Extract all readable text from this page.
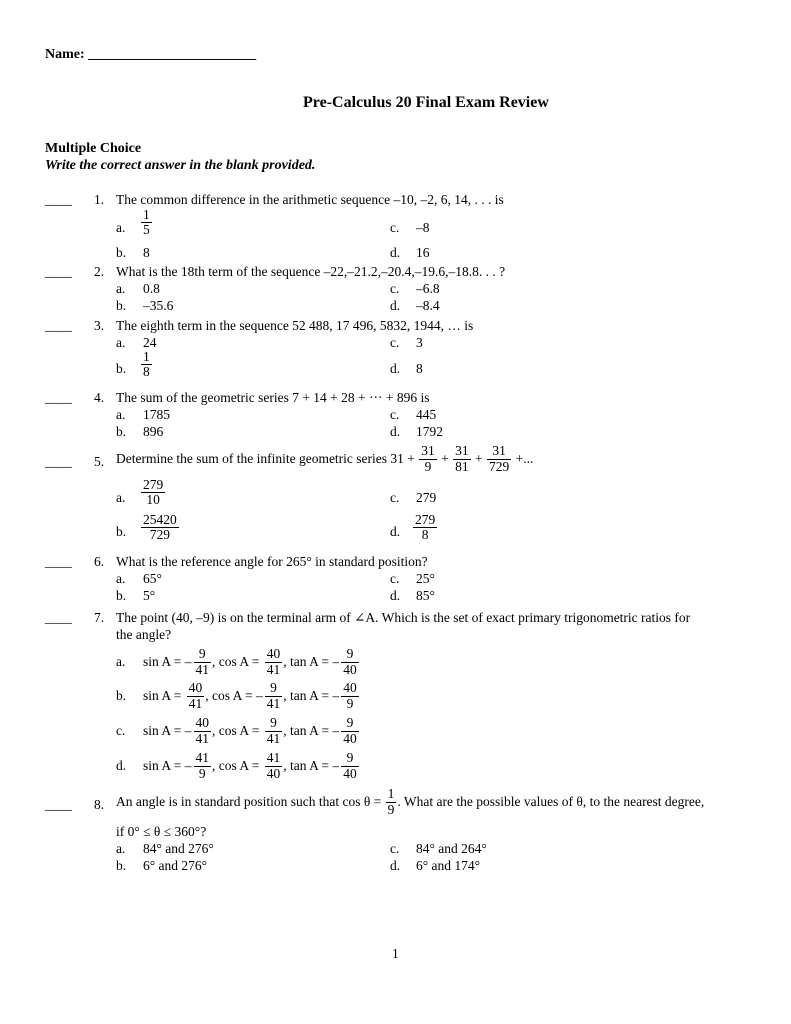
Name: ________________________
Pre-Calculus 20 Final Exam Review
Multiple Choice
Write the correct answer in the blank provided.
____ 1. The common difference in the arithmetic sequence –10, –2, 6, 14, . . . is
a. $\frac{1}{5}$	c. –8
b. 8	d. 16
____ 2. What is the 18th term of the sequence –22,–21.2,–20.4,–19.6,–18.8. . . ?
a. 0.8	c. –6.8
b. –35.6	d. –8.4
____ 3. The eighth term in the sequence 52 488, 17 496, 5832, 1944, … is
a. 24	c. 3
b. $\frac{1}{8}$	d. 8
____ 4. The sum of the geometric series 7 + 14 + 28 + ··· + 896 is
a. 1785	c. 445
b. 896	d. 1792
____ 5. Determine the sum of the infinite geometric series 31 +
$\frac{31}{9}$
+
$\frac{31}{81}$
+
$\frac{31}{729}$
+...
a. $\frac{279}{10}$	c. 279
b. $\frac{25420}{729}$	d. $\frac{279}{8}$
____ 6. What is the reference angle for 265° in standard position?
a. 65°	c. 25°
b. 5°	d. 85°
____ 7. The point (40, –9) is on the terminal arm of ∠A. Which is the set of exact primary trigonometric ratios for
the angle?
a.	sin A =
– $\frac{9}{41}$ , cos A =
$\frac{40}{41}$ , tan A =
– $\frac{9}{40}$
b.	sin A =
$\frac{40}{41}$ , cos A =
– $\frac{9}{41}$ , tan A =
– $\frac{40}{9}$
c.	sin A =
– $\frac{40}{41}$ , cos A =
$\frac{9}{41}$ , tan A =
– $\frac{9}{40}$
d.	sin A =
– $\frac{41}{9}$ , cos A =
$\frac{41}{40}$ , tan A =
– $\frac{9}{40}$
____ 8. An angle is in standard position such that cos θ =
$\frac{1}{9}$ . What are the possible values of θ, to the nearest degree,
if 0° ≤ θ ≤ 360°?
a. 84° and 276°	c. 84° and 264°
b. 6° and 276°	d. 6° and 174°
1
